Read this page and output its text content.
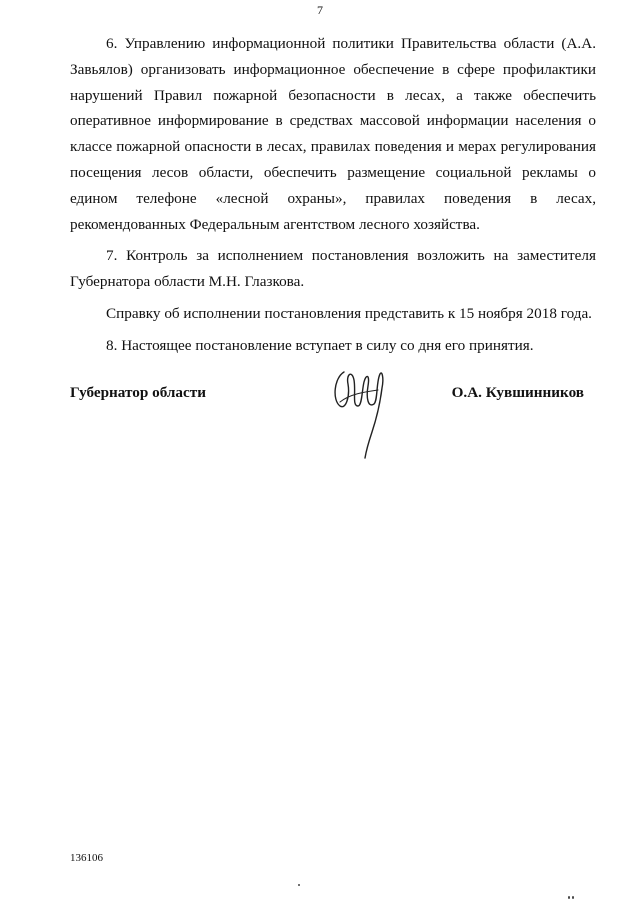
7

6. Управлению информационной политики Правительства области (А.А. Завьялов) организовать информационное обеспечение в сфере профилактики нарушений Правил пожарной безопасности в лесах, а также обеспечить оперативное информирование в средствах массовой информации населения о классе пожарной опасности в лесах, правилах поведения и мерах регулирования посещения лесов области, обеспечить размещение социальной рекламы о едином телефоне «лесной охраны», правилах поведения в лесах, рекомендованных Федеральным агентством лесного хозяйства.

7. Контроль за исполнением постановления возложить на заместителя Губернатора области М.Н. Глазкова.

Справку об исполнении постановления представить к 15 ноября 2018 года.

8. Настоящее постановление вступает в силу со дня его принятия.

Губернатор области	О.А. Кувшинников
136106
